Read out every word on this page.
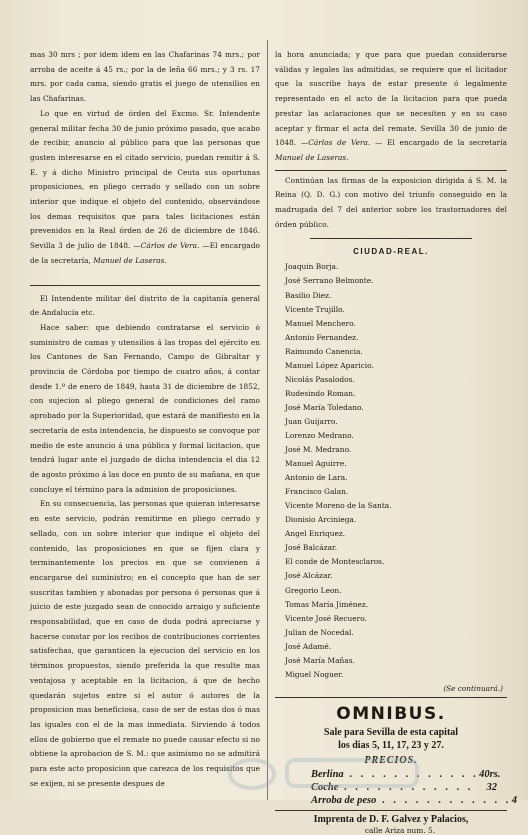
mas 30 mrs ; por idem idem en las Chafarinas 74 mrs.; por arroba de aceite á 45 rs.; por la de leña 66 mrs.; y 3 rs. 17 mrs. por cada cama, siendo gratis el juego de utensilios en las Chafarinas.

Lo que en virtud de órden del Excmo. Sr. Intendente general militar fecha 30 de junio próximo pasado, que acabo de recibir, anuncio al público para que las personas que gusten interesarse en el citado servicio, puedan remitir á S. E. y á dicho Ministro principal de Ceuta sus oportunas proposiciones, en pliego cerrado y sellado con un sobre interior que indique el objeto del contenido, observándose los demas requisitos que para tales licitaciones están prevenidos en la Real órden de 26 de diciembre de 1846. Sevilla 3 de julio de 1848. —Cárlos de Vera. —El encargado de la secretaría, Manuel de Laseras.

El Intendente militar del distrito de la capitanía general de Andalucía etc.

Hace saber: que debiendo contratarse el servicio ó suministro de camas y utensilios á las tropas del ejército en los Cantones de San Fernando, Campo de Gibraltar y provincia de Córdoba por tiempo de cuatro años, á contar desde 1.º de enero de 1849, hasta 31 de diciembre de 1852, con sujecion al pliego general de condiciones del ramo aprobado por la Superioridad, que estará de manifiesto en la secretaría de esta intendencia, he dispuesto se convoque por medio de este anuncio á una pública y formal licitacion, que tendrá lugar ante el juzgado de dicha intendencia el dia 12 de agosto próximo á las doce en punto de su mañana, en que concluye el término para la admision de proposiciones.

En su consecuencia, las personas que quieran interesarse en este servicio, podrán remitirme en pliego cerrado y sellado, con un sobre interior que indique el objeto del contenido, las proposiciones en que se fijen clara y terminantemente los precios en que se convienen á encargarse del suministro; en el concepto que han de ser suscritas tambien y abonadas por persona ó personas que á juicio de este juzgado sean de conocido arraigo y suficiente responsabilidad, que en caso de duda podrá apreciarse y hacerse constar por los recibos de contribuciones corrientes satisfechas, que garanticen la ejecucion del servicio en los términos propuestos, siendo preferida la que resulte mas ventajosa y aceptable en la licitacion, á que de hecho quedarán sujetos entre si el autor ó autores de la proposicion mas beneficiosa, caso de ser de estas dos ó mas las iguales con el de la mas inmediata. Sirviendo á todos ellos de gobierno que el remate no puede causar efecto si no obtiene la aprobacion de S. M.: que asimismo no se admitirá para este acto proposicion que carezca de los requisitos que se exijen, ni se presente despues de

la hora anunciada; y que para que puedan considerarse válidas y legales las admitidas, se requiere que el licitador que la suscribe haya de estar presente ó legalmente representado en el acto de la licitacion para que pueda prestar las aclaraciones que se necesiten y en su caso aceptar y firmar el acta del remate. Sevilla 30 de junio de 1848. —Cárlos de Vera. — El encargado de la secretaría Manuel de Laseras.

Continúan las firmas de la exposicion dirigida á S. M. la Reina (Q. D. G.) con motivo del triunfo conseguido en la madrugada del 7 del anterior sobre los trastornadores del órden público.

CIUDAD-REAL.
Joaquin Borja.
José Serrano Belmonte.
Basilio Diez.
Vicente Trujillo.
Manuel Menchero.
Antonio Fernandez.
Raimundo Canencia.
Manuel López Aparicio.
Nicolás Pasalodos.
Rudesindo Roman.
José María Toledano.
Juan Guijarro.
Lorenzo Medrano.
José M. Medrano.
Manuel Aguirre.
Antonio de Lara.
Francisco Galan.
Vicente Moreno de la Santa.
Dionisio Arciniega.
Angel Enriquez.
José Balcázar.
El conde de Montesclaros.
José Alcázar.
Gregorio Leon.
Tomas María Jiménez.
Vicente José Recuero.
Julian de Nocedal.
José Adamé.
José María Mañas.
Miguel Noguer.
(Se continuará.)
OMNIBUS.

Sale para Sevilla de esta capital

los dias 5, 11, 17, 23 y 27.

PRECIOS.
Berlina . . . . . . . . . . . . 40rs.
Coche . . . . . . . . . . . .	32
Arroba de peso . . . . . . . . . . . . 4
Imprenta de D. F. Galvez y Palacios,
calle Ariza num. 5.
